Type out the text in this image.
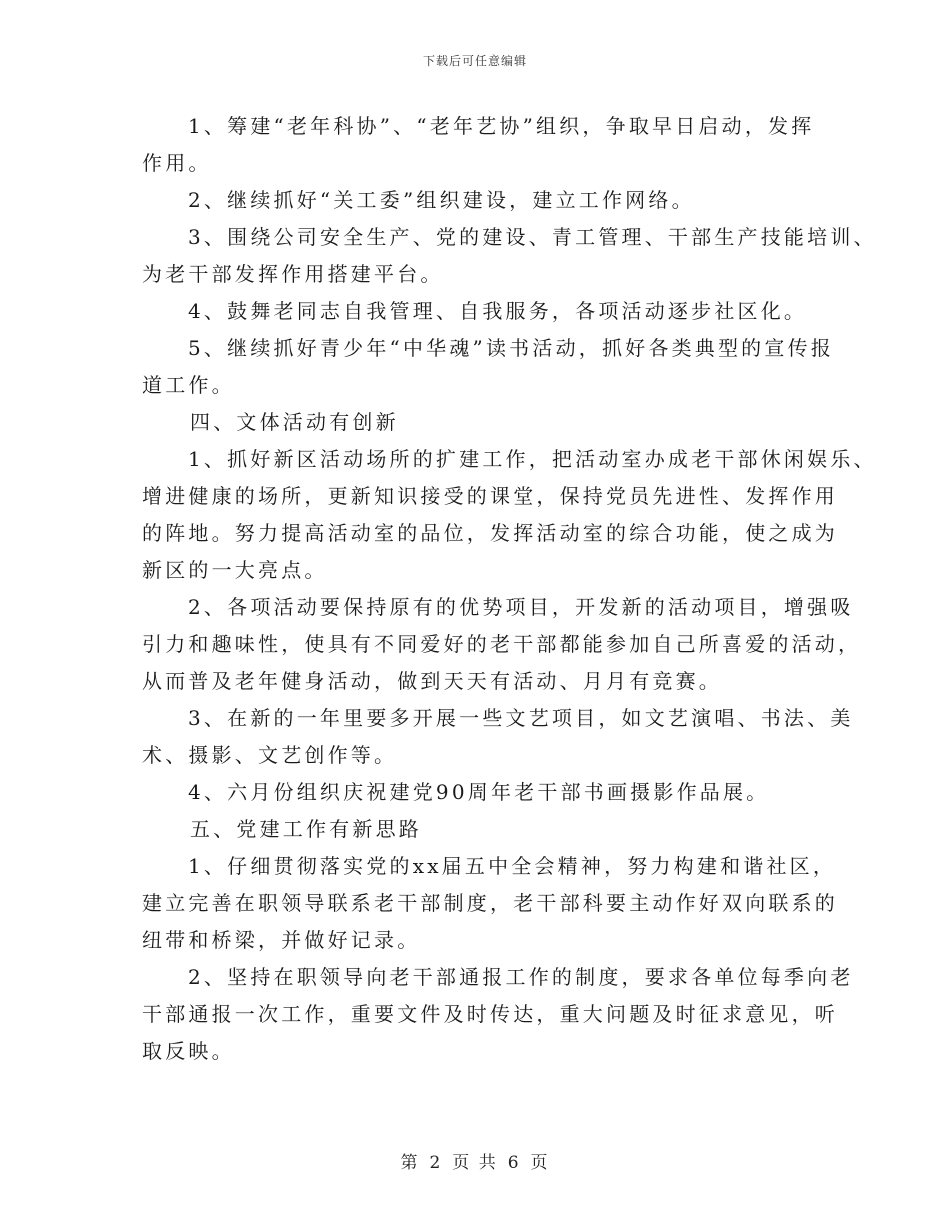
下载后可任意编辑
1、筹建“老年科协”、“老年艺协”组织，争取早日启动，发挥
作用。
2、继续抓好“关工委”组织建设，建立工作网络。
3、围绕公司安全生产、党的建设、青工管理、干部生产技能培训、
为老干部发挥作用搭建平台。
4、鼓舞老同志自我管理、自我服务，各项活动逐步社区化。
5、继续抓好青少年“中华魂”读书活动，抓好各类典型的宣传报
道工作。
四、文体活动有创新
1、抓好新区活动场所的扩建工作，把活动室办成老干部休闲娱乐、
增进健康的场所，更新知识接受的课堂，保持党员先进性、发挥作用
的阵地。努力提高活动室的品位，发挥活动室的综合功能，使之成为
新区的一大亮点。
2、各项活动要保持原有的优势项目，开发新的活动项目，增强吸
引力和趣味性，使具有不同爱好的老干部都能参加自己所喜爱的活动，
从而普及老年健身活动，做到天天有活动、月月有竞赛。
3、在新的一年里要多开展一些文艺项目，如文艺演唱、书法、美
术、摄影、文艺创作等。
4、六月份组织庆祝建党90周年老干部书画摄影作品展。
五、党建工作有新思路
1、仔细贯彻落实党的xx届五中全会精神，努力构建和谐社区，
建立完善在职领导联系老干部制度，老干部科要主动作好双向联系的
纽带和桥梁，并做好记录。
2、坚持在职领导向老干部通报工作的制度，要求各单位每季向老
干部通报一次工作，重要文件及时传达，重大问题及时征求意见，听
取反映。
第 2 页 共 6 页
